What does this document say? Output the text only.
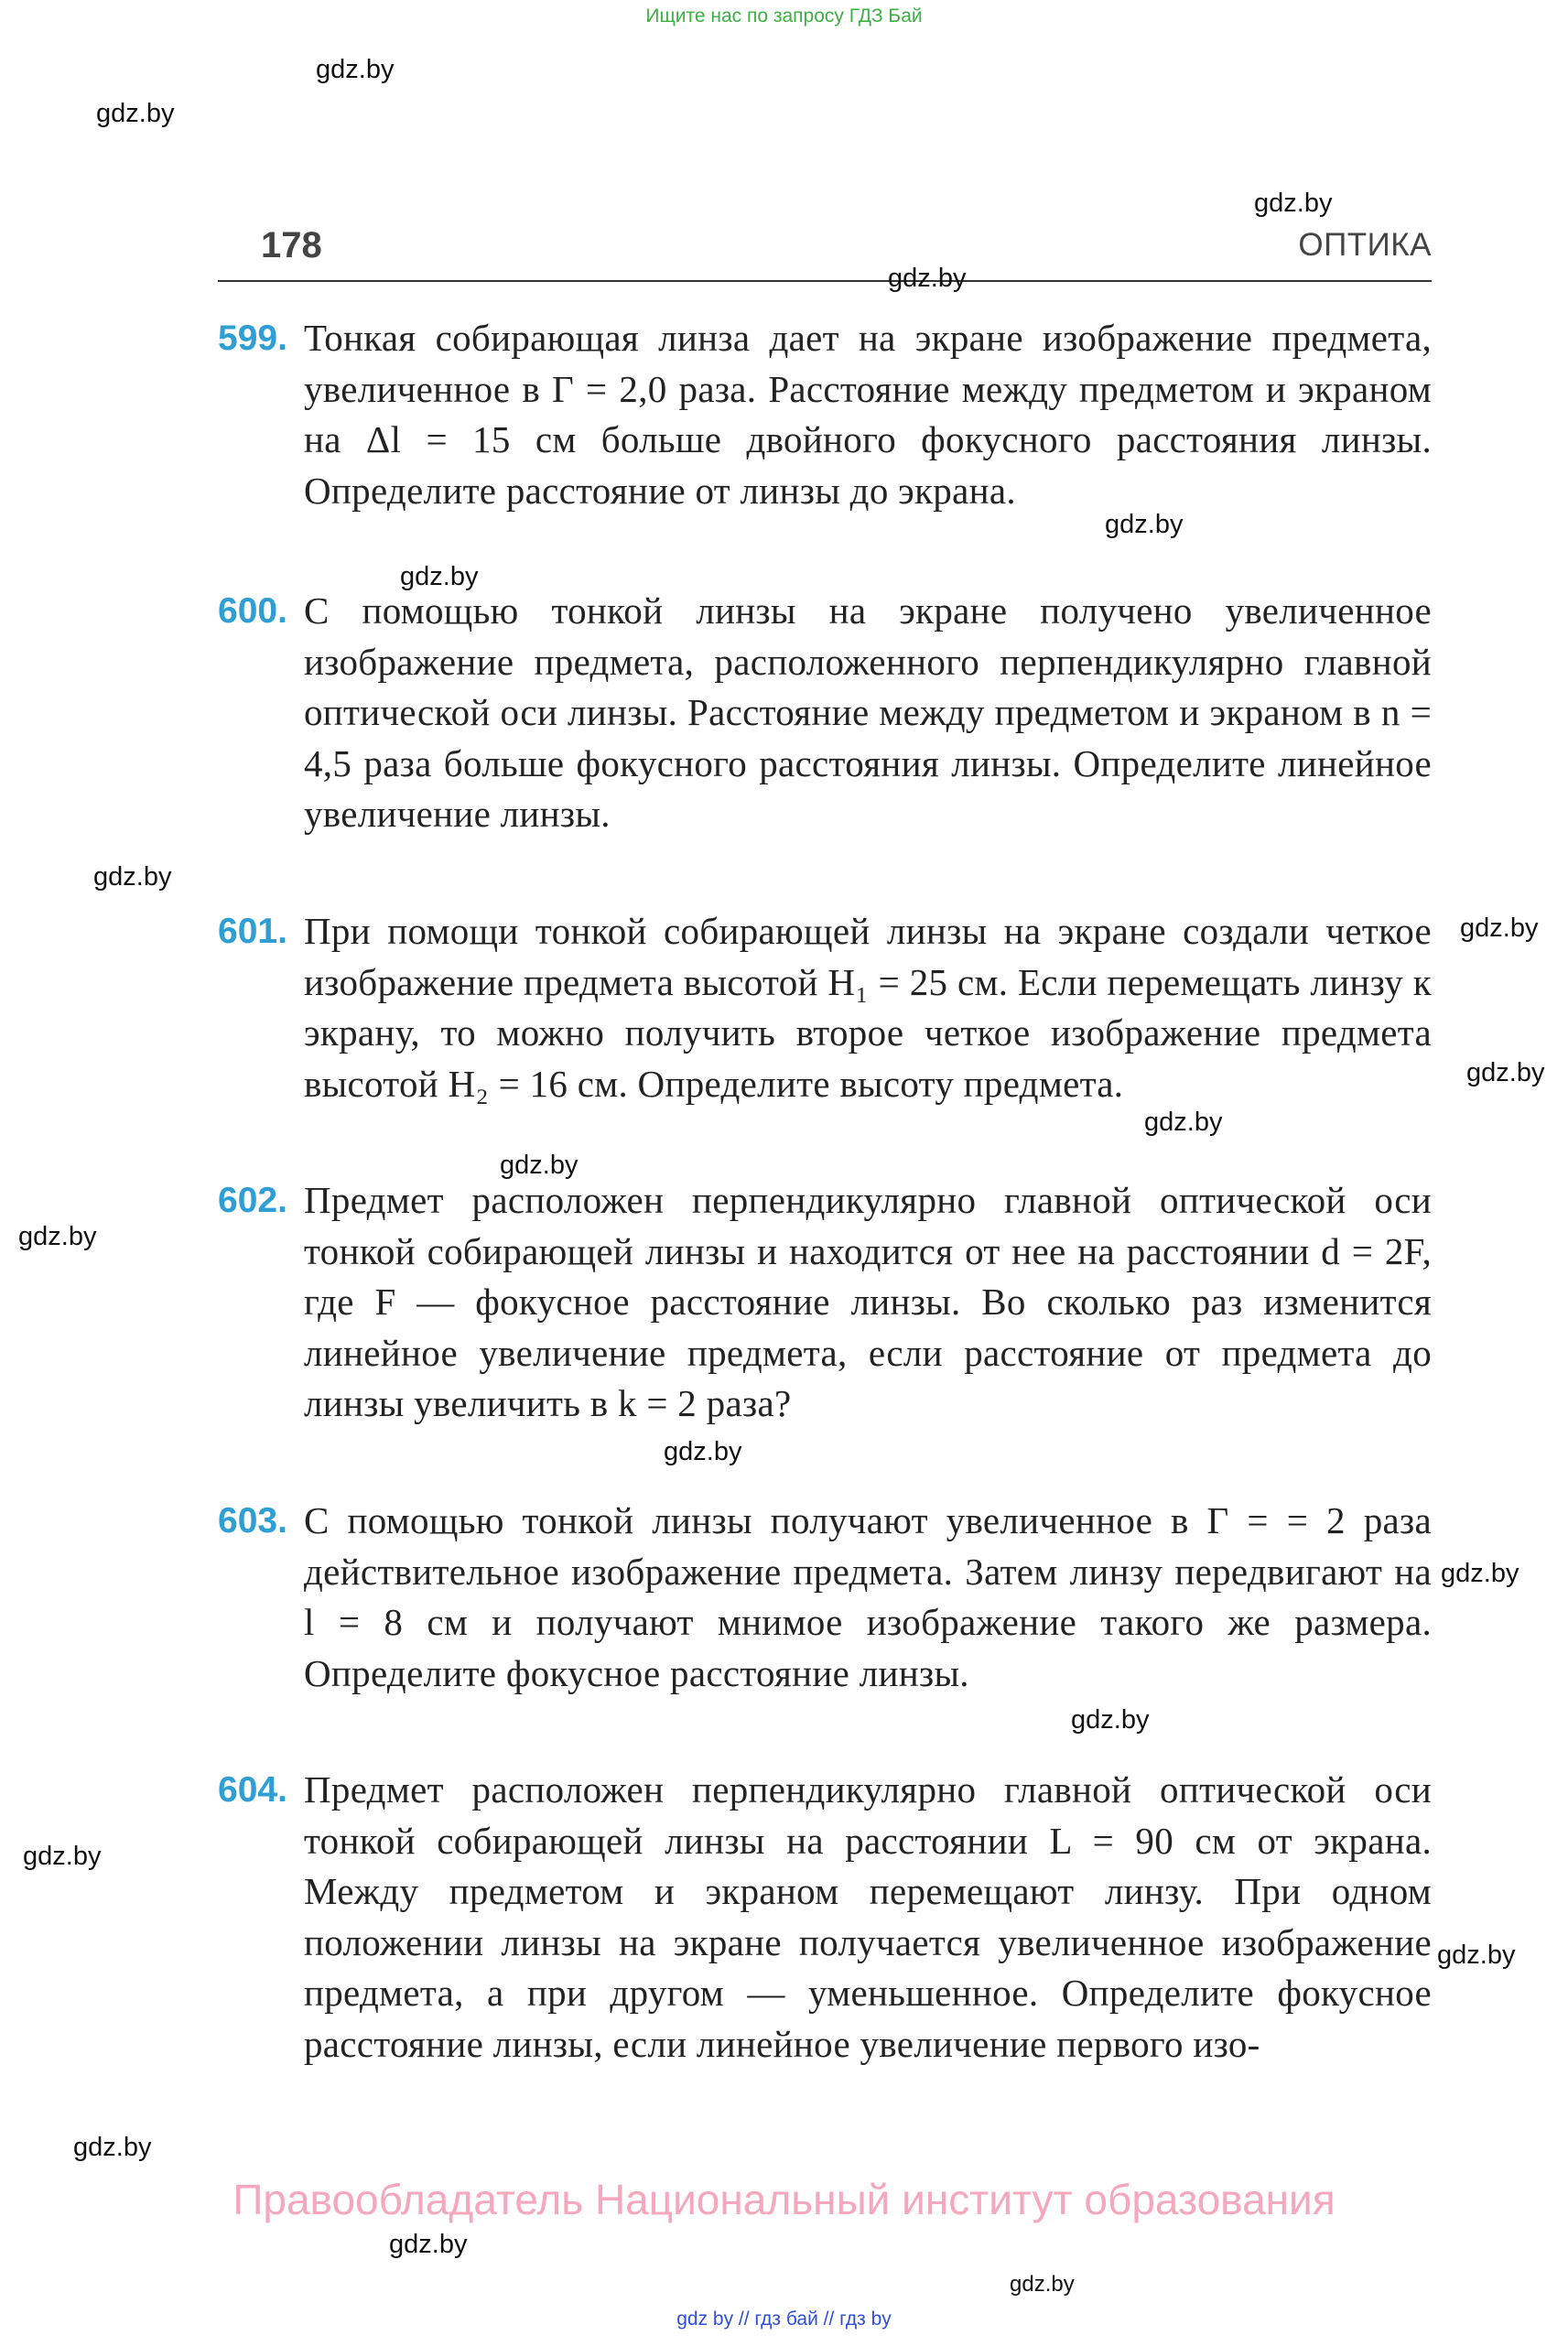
Ищите нас по запросу ГДЗ Бай
178	ОПТИКА
599. Тонкая собирающая линза дает на экране изображение предмета, увеличенное в Г = 2,0 раза. Расстояние между предметом и экраном на Δl = 15 см больше двойного фокусного расстояния линзы. Определите расстояние от линзы до экрана.
600. С помощью тонкой линзы на экране получено увеличенное изображение предмета, расположенного перпендикулярно главной оптической оси линзы. Расстояние между предметом и экраном в n = 4,5 раза больше фокусного расстояния линзы. Определите линейное увеличение линзы.
601. При помощи тонкой собирающей линзы на экране создали четкое изображение предмета высотой H₁ = 25 см. Если перемещать линзу к экрану, то можно получить второе четкое изображение предмета высотой H₂ = 16 см. Определите высоту предмета.
602. Предмет расположен перпендикулярно главной оптической оси тонкой собирающей линзы и находится от нее на расстоянии d = 2F, где F — фокусное расстояние линзы. Во сколько раз изменится линейное увеличение предмета, если расстояние от предмета до линзы увеличить в k = 2 раза?
603. С помощью тонкой линзы получают увеличенное в Г = = 2 раза действительное изображение предмета. Затем линзу передвигают на l = 8 см и получают мнимое изображение такого же размера. Определите фокусное расстояние линзы.
604. Предмет расположен перпендикулярно главной оптической оси тонкой собирающей линзы на расстоянии L = 90 см от экрана. Между предметом и экраном перемещают линзу. При одном положении линзы на экране получается увеличенное изображение предмета, а при другом — уменьшенное. Определите фокусное расстояние линзы, если линейное увеличение первого изо-
gdz.by
gdz.by
gdz.by
gdz.by
gdz.by
gdz.by
gdz.by
gdz.by
gdz.by
gdz.by
gdz.by
gdz.by
gdz.by
gdz.by
gdz.by
gdz.by
gdz.by
gdz.by
gdz.by
gdz.by
Правообладатель Национальный институт образования
gdz by // гдз бай // гдз by
